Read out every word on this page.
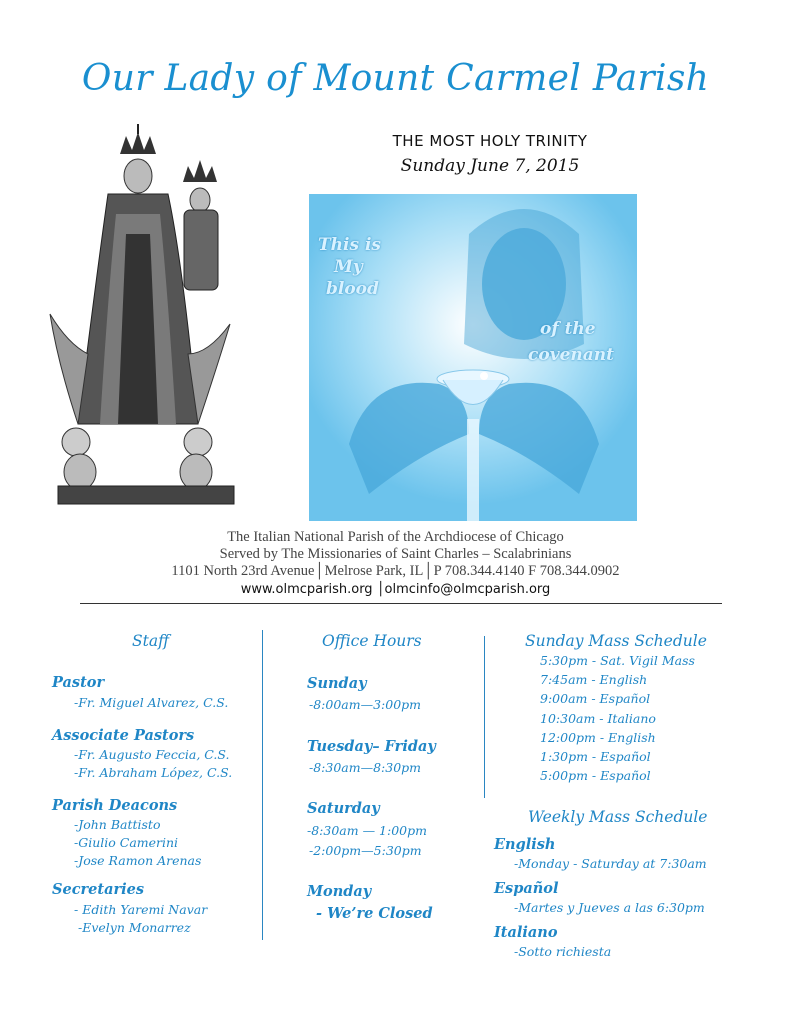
Our Lady of Mount Carmel Parish
THE MOST HOLY TRINITY
Sunday June 7, 2015
This is
My
blood
of the
covenant
The Italian National Parish of the Archdiocese of Chicago
Served by The Missionaries of Saint Charles – Scalabrinians
1101 North 23rd Avenue│Melrose Park, IL│P 708.344.4140 F 708.344.0902
www.olmcparish.org │olmcinfo@olmcparish.org
Staff
Pastor
-Fr. Miguel Alvarez, C.S.
Associate Pastors
-Fr. Augusto Feccia, C.S.
-Fr. Abraham López, C.S.
Parish Deacons
-John Battisto
-Giulio Camerini
-Jose Ramon Arenas
Secretaries
- Edith Yaremi Navar
-Evelyn Monarrez
Office Hours
Sunday
-8:00am—3:00pm
Tuesday– Friday
-8:30am—8:30pm
Saturday
-8:30am — 1:00pm
-2:00pm—5:30pm
Monday
- We’re Closed
Sunday Mass Schedule
5:30pm - Sat. Vigil Mass
7:45am - English
9:00am - Español
10:30am - Italiano
12:00pm - English
1:30pm - Español
5:00pm - Español
Weekly Mass Schedule
English
-Monday - Saturday at 7:30am
Español
-Martes y Jueves a las 6:30pm
Italiano
-Sotto richiesta
